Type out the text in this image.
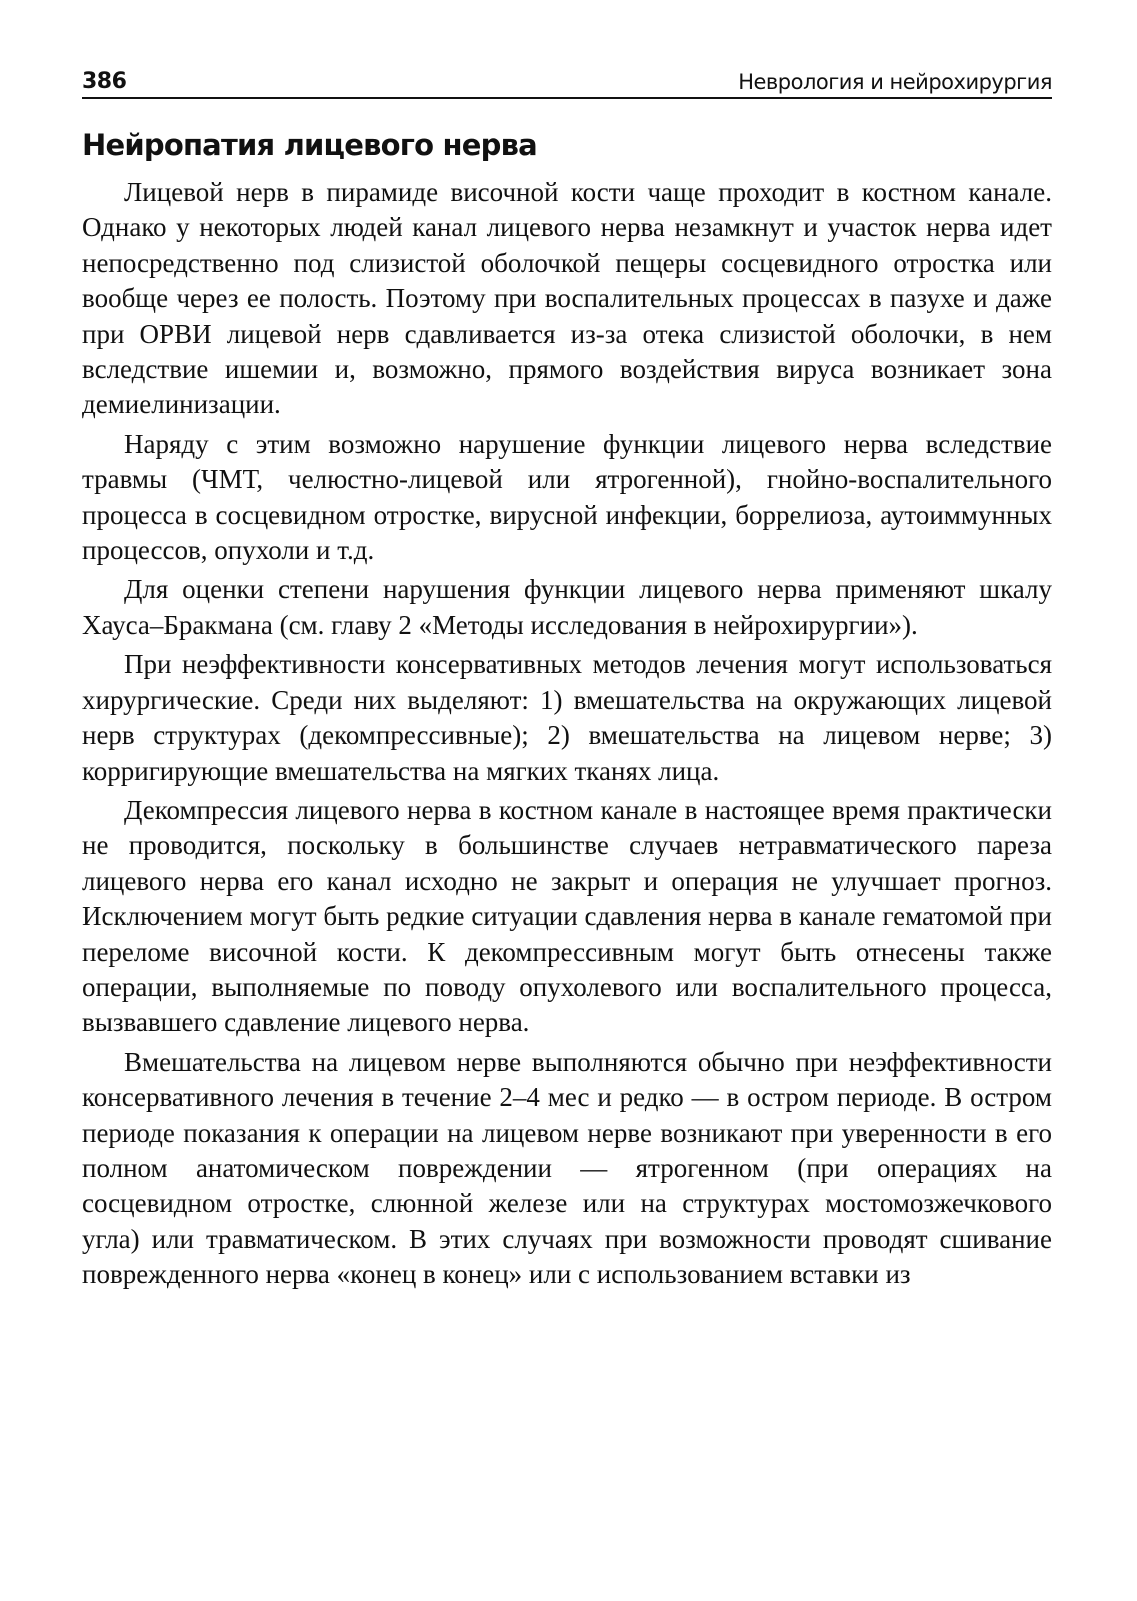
386	Неврология и нейрохирургия
Нейропатия лицевого нерва

Лицевой нерв в пирамиде височной кости чаще проходит в костном канале. Однако у некоторых людей канал лицевого нерва незамкнут и участок нерва идет непосредственно под слизистой оболочкой пещеры сосцевидного отростка или вообще через ее полость. Поэтому при воспалительных процессах в пазухе и даже при ОРВИ лицевой нерв сдавливается из-за отека слизистой оболочки, в нем вследствие ишемии и, возможно, прямого воздействия вируса возникает зона демиелинизации.

Наряду с этим возможно нарушение функции лицевого нерва вследствие травмы (ЧМТ, челюстно-лицевой или ятрогенной), гнойно-воспалительного процесса в сосцевидном отростке, вирусной инфекции, боррелиоза, аутоиммунных процессов, опухоли и т.д.

Для оценки степени нарушения функции лицевого нерва применяют шкалу Хауса–Бракмана (см. главу 2 «Методы исследования в нейрохирургии»).

При неэффективности консервативных методов лечения могут использоваться хирургические. Среди них выделяют: 1) вмешательства на окружающих лицевой нерв структурах (декомпрессивные); 2) вмешательства на лицевом нерве; 3) корригирующие вмешательства на мягких тканях лица.

Декомпрессия лицевого нерва в костном канале в настоящее время практически не проводится, поскольку в большинстве случаев нетравматического пареза лицевого нерва его канал исходно не закрыт и операция не улучшает прогноз. Исключением могут быть редкие ситуации сдавления нерва в канале гематомой при переломе височной кости. К декомпрессивным могут быть отнесены также операции, выполняемые по поводу опухолевого или воспалительного процесса, вызвавшего сдавление лицевого нерва.

Вмешательства на лицевом нерве выполняются обычно при неэффективности консервативного лечения в течение 2–4 мес и редко — в остром периоде. В остром периоде показания к операции на лицевом нерве возникают при уверенности в его полном анатомическом повреждении — ятрогенном (при операциях на сосцевидном отростке, слюнной железе или на структурах мостомозжечкового угла) или травматическом. В этих случаях при возможности проводят сшивание поврежденного нерва «конец в конец» или с использованием вставки из
